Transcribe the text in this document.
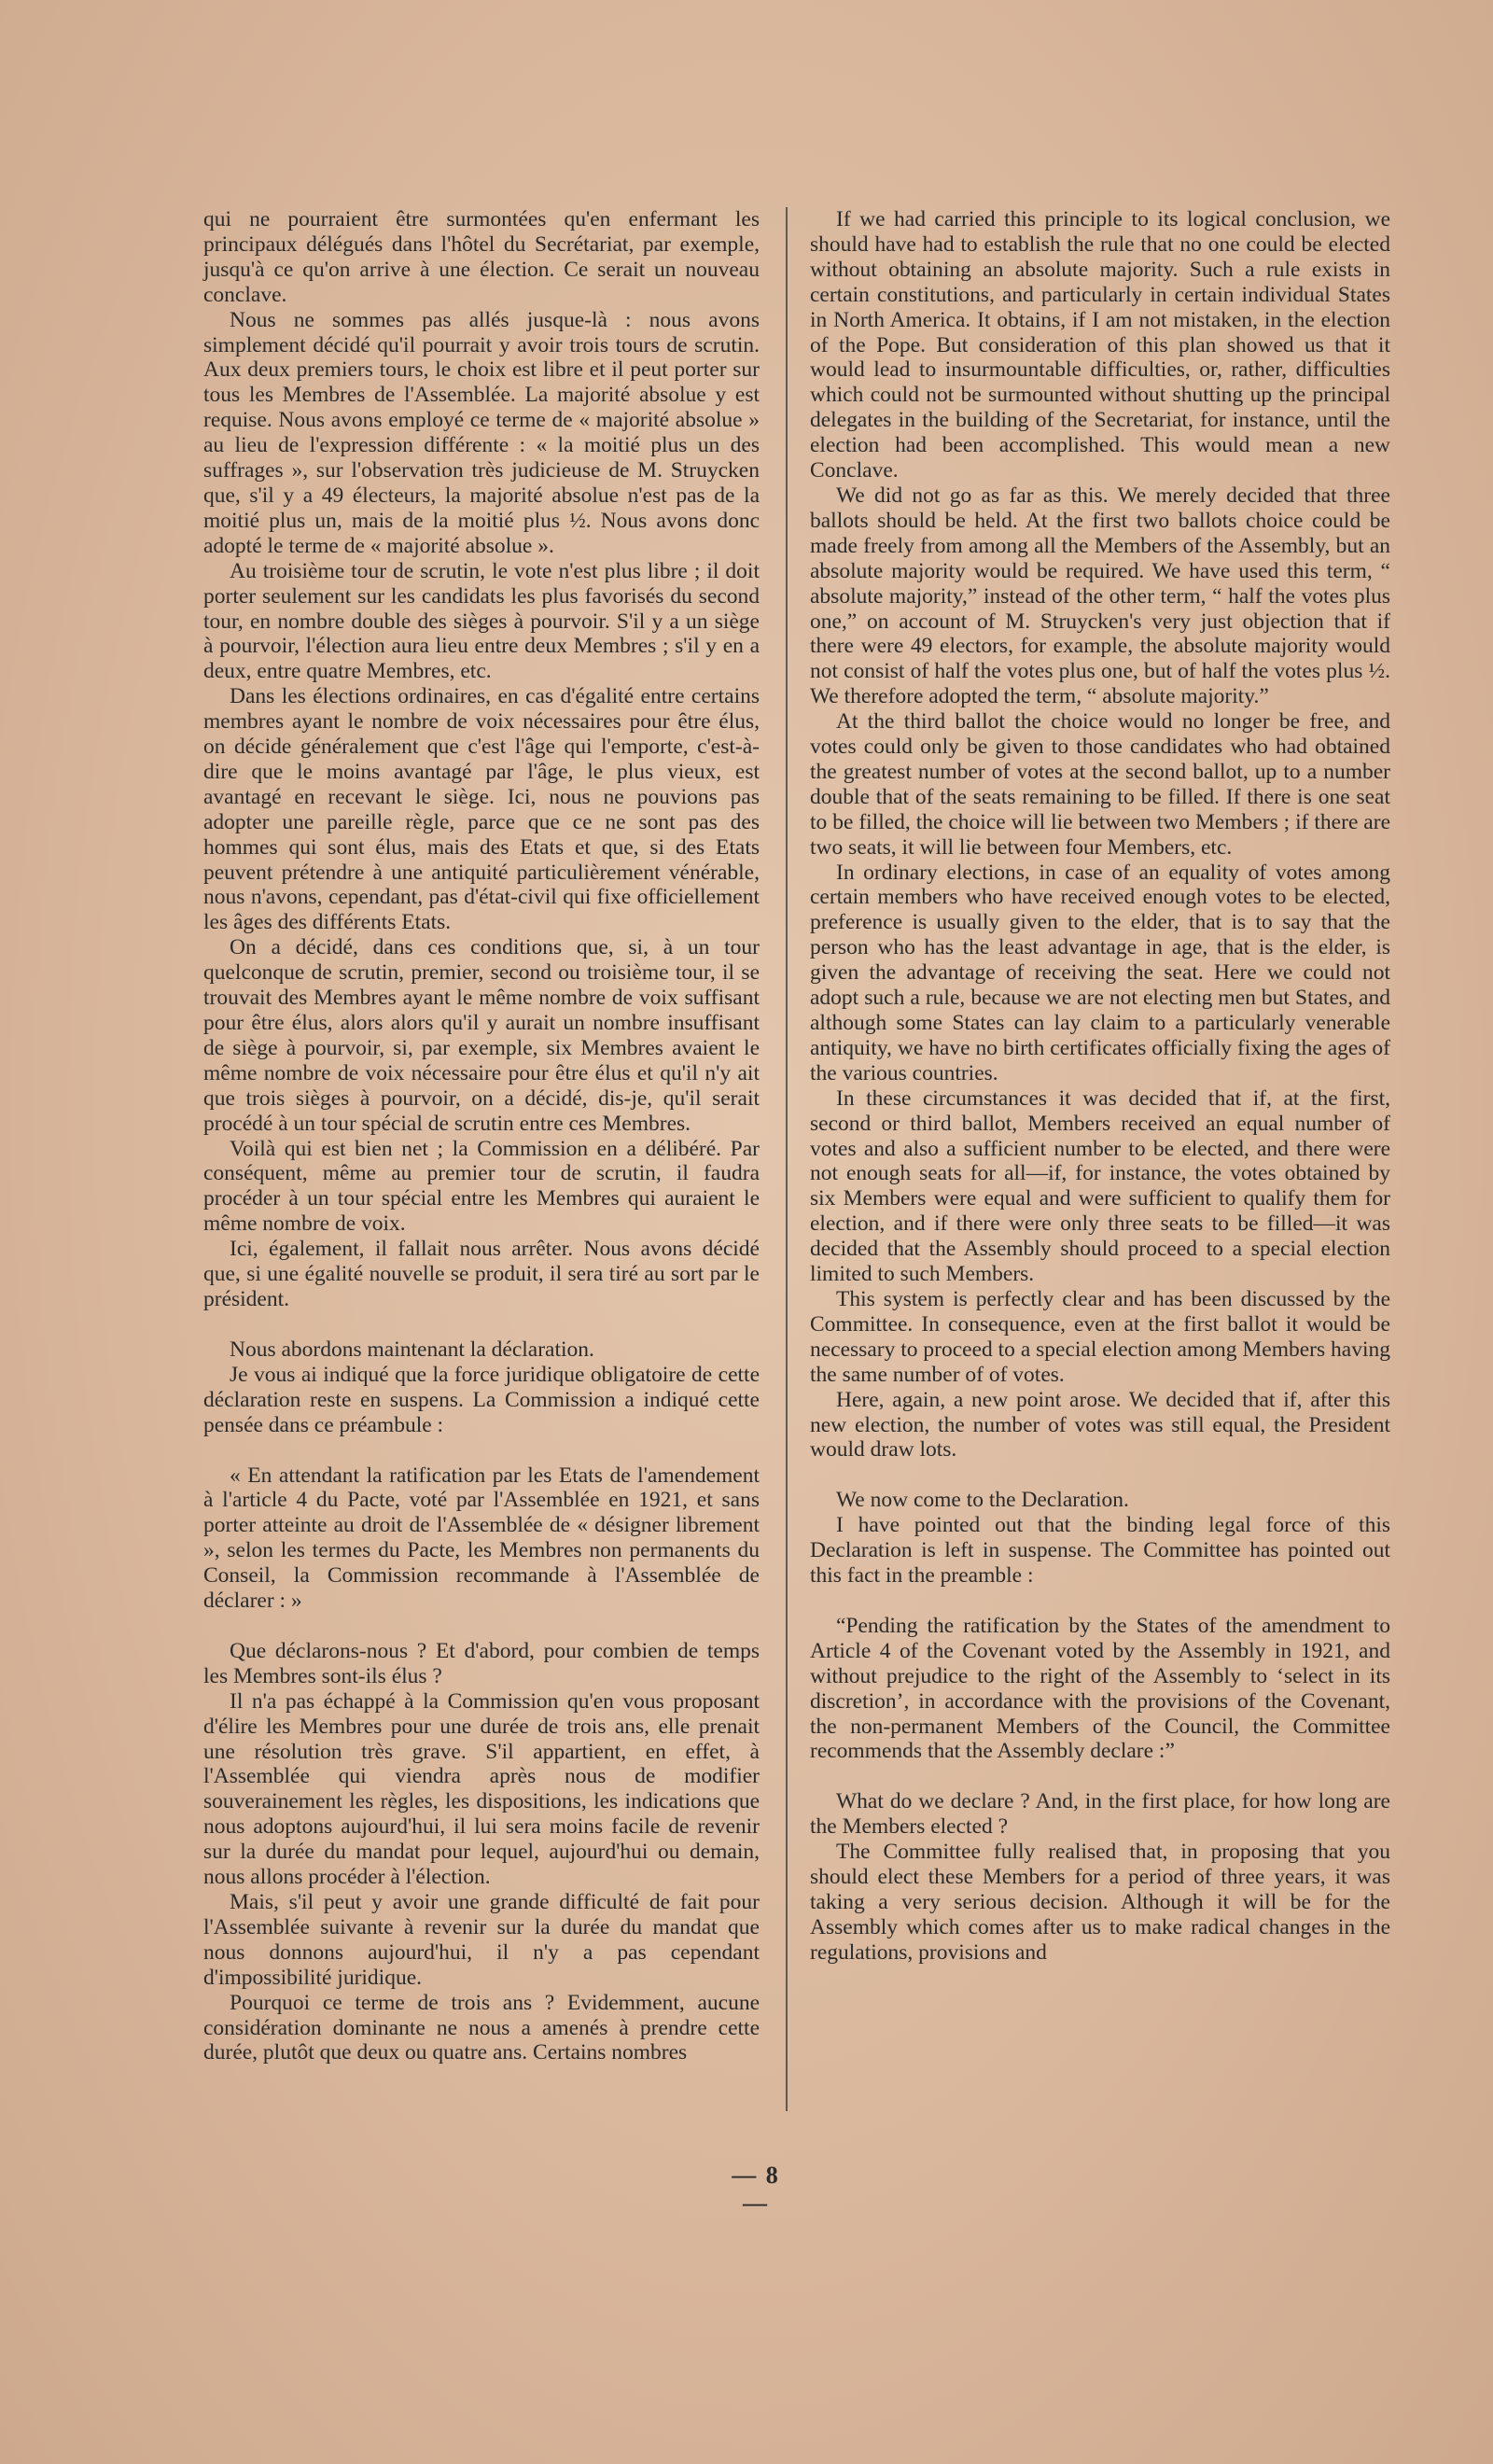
qui ne pourraient être surmontées qu'en enfermant les principaux délégués dans l'hôtel du Secrétariat, par exemple, jusqu'à ce qu'on arrive à une élection. Ce serait un nouveau conclave.

Nous ne sommes pas allés jusque-là : nous avons simplement décidé qu'il pourrait y avoir trois tours de scrutin. Aux deux premiers tours, le choix est libre et il peut porter sur tous les Membres de l'Assemblée. La majorité absolue y est requise. Nous avons employé ce terme de « majorité absolue » au lieu de l'expression différente : « la moitié plus un des suffrages », sur l'observation très judicieuse de M. Struycken que, s'il y a 49 électeurs, la majorité absolue n'est pas de la moitié plus un, mais de la moitié plus ½. Nous avons donc adopté le terme de « majorité absolue ».

Au troisième tour de scrutin, le vote n'est plus libre ; il doit porter seulement sur les candidats les plus favorisés du second tour, en nombre double des sièges à pourvoir. S'il y a un siège à pourvoir, l'élection aura lieu entre deux Membres ; s'il y en a deux, entre quatre Membres, etc.

Dans les élections ordinaires, en cas d'égalité entre certains membres ayant le nombre de voix nécessaires pour être élus, on décide généralement que c'est l'âge qui l'emporte, c'est-à-dire que le moins avantagé par l'âge, le plus vieux, est avantagé en recevant le siège. Ici, nous ne pouvions pas adopter une pareille règle, parce que ce ne sont pas des hommes qui sont élus, mais des Etats et que, si des Etats peuvent prétendre à une antiquité particulièrement vénérable, nous n'avons, cependant, pas d'état-civil qui fixe officiellement les âges des différents Etats.

On a décidé, dans ces conditions que, si, à un tour quelconque de scrutin, premier, second ou troisième tour, il se trouvait des Membres ayant le même nombre de voix suffisant pour être élus, alors alors qu'il y aurait un nombre insuffisant de siège à pourvoir, si, par exemple, six Membres avaient le même nombre de voix nécessaire pour être élus et qu'il n'y ait que trois sièges à pourvoir, on a décidé, dis-je, qu'il serait procédé à un tour spécial de scrutin entre ces Membres.

Voilà qui est bien net ; la Commission en a délibéré. Par conséquent, même au premier tour de scrutin, il faudra procéder à un tour spécial entre les Membres qui auraient le même nombre de voix.

Ici, également, il fallait nous arrêter. Nous avons décidé que, si une égalité nouvelle se produit, il sera tiré au sort par le président.

Nous abordons maintenant la déclaration.

Je vous ai indiqué que la force juridique obligatoire de cette déclaration reste en suspens. La Commission a indiqué cette pensée dans ce préambule :

« En attendant la ratification par les Etats de l'amendement à l'article 4 du Pacte, voté par l'Assemblée en 1921, et sans porter atteinte au droit de l'Assemblée de « désigner librement », selon les termes du Pacte, les Membres non permanents du Conseil, la Commission recommande à l'Assemblée de déclarer : »

Que déclarons-nous ? Et d'abord, pour combien de temps les Membres sont-ils élus ?

Il n'a pas échappé à la Commission qu'en vous proposant d'élire les Membres pour une durée de trois ans, elle prenait une résolution très grave. S'il appartient, en effet, à l'Assemblée qui viendra après nous de modifier souverainement les règles, les dispositions, les indications que nous adoptons aujourd'hui, il lui sera moins facile de revenir sur la durée du mandat pour lequel, aujourd'hui ou demain, nous allons procéder à l'élection.

Mais, s'il peut y avoir une grande difficulté de fait pour l'Assemblée suivante à revenir sur la durée du mandat que nous donnons aujourd'hui, il n'y a pas cependant d'impossibilité juridique.

Pourquoi ce terme de trois ans ? Evidemment, aucune considération dominante ne nous a amenés à prendre cette durée, plutôt que deux ou quatre ans. Certains nombres

If we had carried this principle to its logical conclusion, we should have had to establish the rule that no one could be elected without obtaining an absolute majority. Such a rule exists in certain constitutions, and particularly in certain individual States in North America. It obtains, if I am not mistaken, in the election of the Pope. But consideration of this plan showed us that it would lead to insurmountable difficulties, or, rather, difficulties which could not be surmounted without shutting up the principal delegates in the building of the Secretariat, for instance, until the election had been accomplished. This would mean a new Conclave.

We did not go as far as this. We merely decided that three ballots should be held. At the first two ballots choice could be made freely from among all the Members of the Assembly, but an absolute majority would be required. We have used this term, “ absolute majority,” instead of the other term, “ half the votes plus one,” on account of M. Struycken's very just objection that if there were 49 electors, for example, the absolute majority would not consist of half the votes plus one, but of half the votes plus ½. We therefore adopted the term, “ absolute majority.”

At the third ballot the choice would no longer be free, and votes could only be given to those candidates who had obtained the greatest number of votes at the second ballot, up to a number double that of the seats remaining to be filled. If there is one seat to be filled, the choice will lie between two Members ; if there are two seats, it will lie between four Members, etc.

In ordinary elections, in case of an equality of votes among certain members who have received enough votes to be elected, preference is usually given to the elder, that is to say that the person who has the least advantage in age, that is the elder, is given the advantage of receiving the seat. Here we could not adopt such a rule, because we are not electing men but States, and although some States can lay claim to a particularly venerable antiquity, we have no birth certificates officially fixing the ages of the various countries.

In these circumstances it was decided that if, at the first, second or third ballot, Members received an equal number of votes and also a sufficient number to be elected, and there were not enough seats for all—if, for instance, the votes obtained by six Members were equal and were sufficient to qualify them for election, and if there were only three seats to be filled—it was decided that the Assembly should proceed to a special election limited to such Members.

This system is perfectly clear and has been discussed by the Committee. In consequence, even at the first ballot it would be necessary to proceed to a special election among Members having the same number of of votes.

Here, again, a new point arose. We decided that if, after this new election, the number of votes was still equal, the President would draw lots.

We now come to the Declaration.

I have pointed out that the binding legal force of this Declaration is left in suspense. The Committee has pointed out this fact in the preamble :

“Pending the ratification by the States of the amendment to Article 4 of the Covenant voted by the Assembly in 1921, and without prejudice to the right of the Assembly to ‘select in its discretion’, in accordance with the provisions of the Covenant, the non-permanent Members of the Council, the Committee recommends that the Assembly declare :”

What do we declare ? And, in the first place, for how long are the Members elected ?

The Committee fully realised that, in proposing that you should elect these Members for a period of three years, it was taking a very serious decision. Although it will be for the Assembly which comes after us to make radical changes in the regulations, provisions and

— 8 —
